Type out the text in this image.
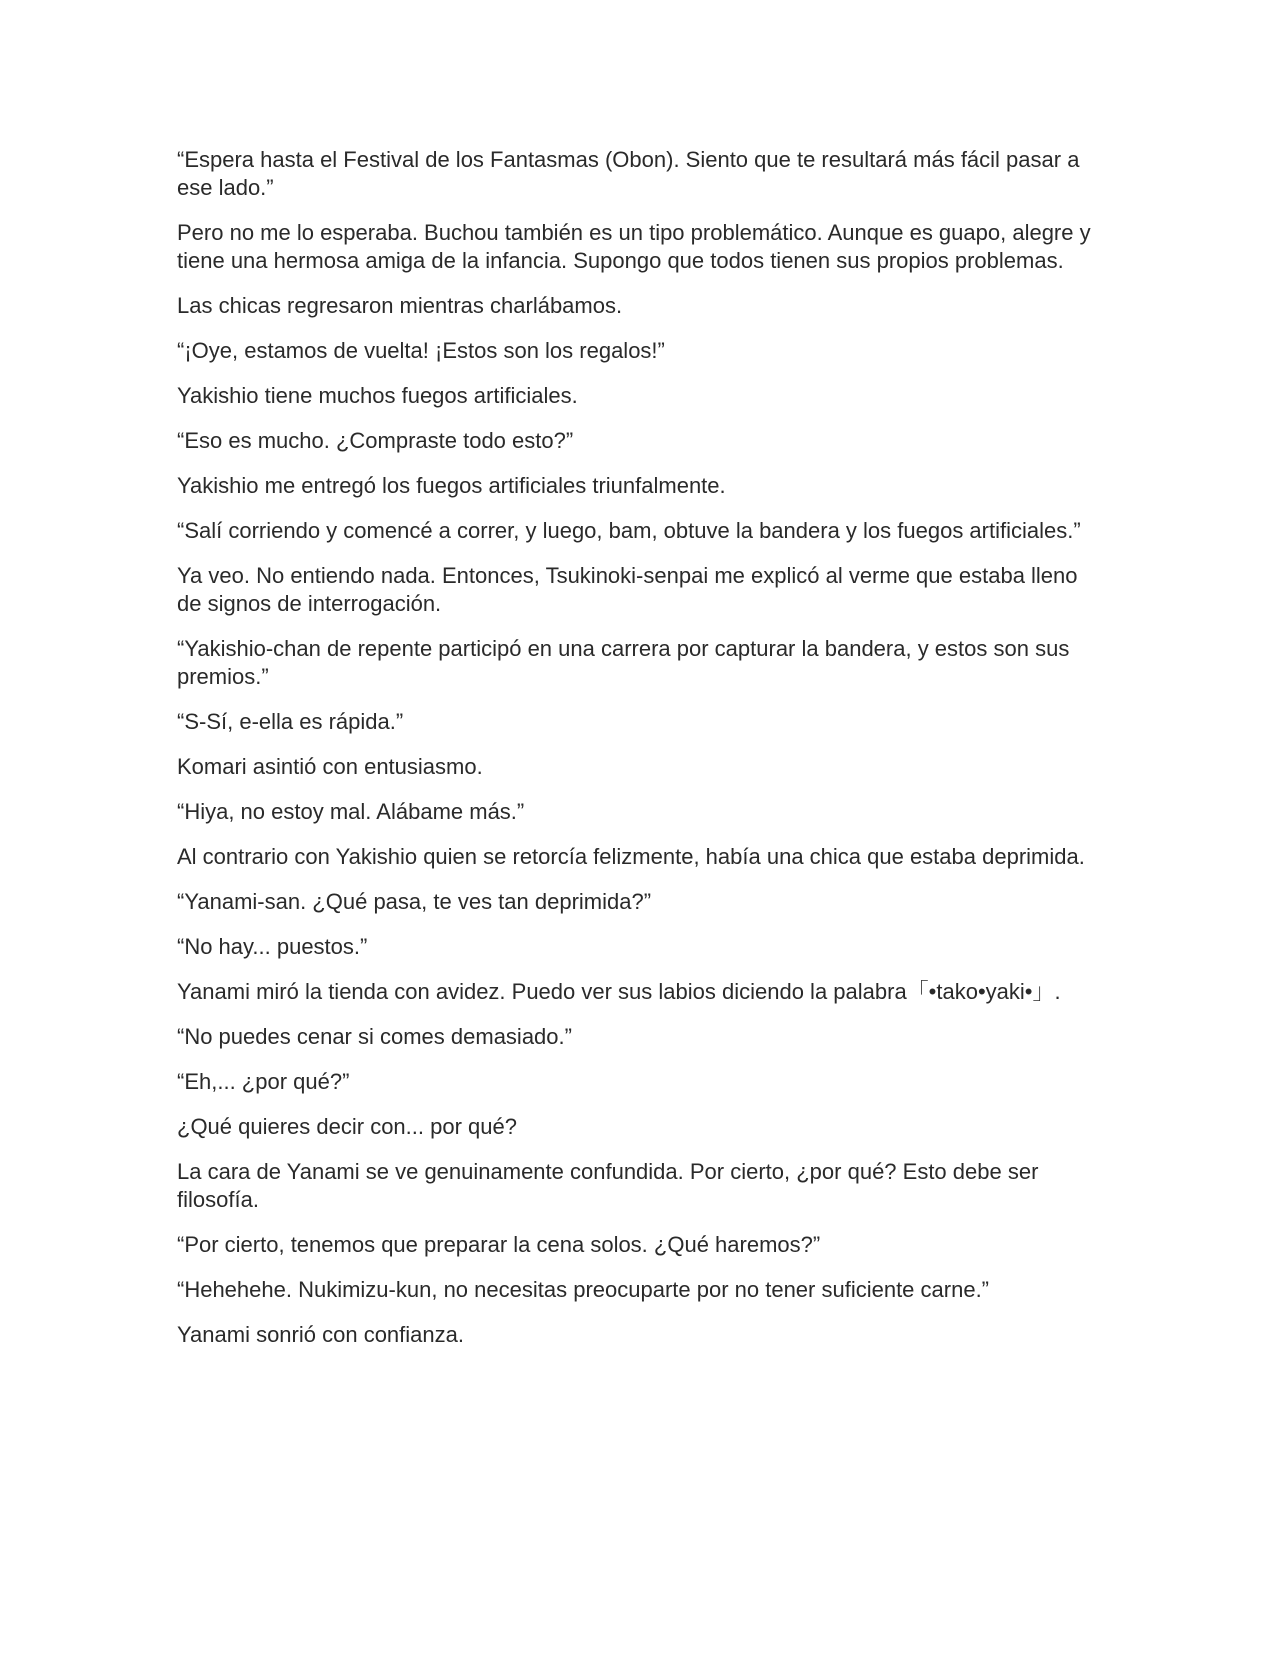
“Espera hasta el Festival de los Fantasmas (Obon). Siento que te resultará más fácil pasar a ese lado.”

Pero no me lo esperaba. Buchou también es un tipo problemático. Aunque es guapo, alegre y tiene una hermosa amiga de la infancia. Supongo que todos tienen sus propios problemas.

Las chicas regresaron mientras charlábamos.

“¡Oye, estamos de vuelta! ¡Estos son los regalos!”

Yakishio tiene muchos fuegos artificiales.

“Eso es mucho. ¿Compraste todo esto?”

Yakishio me entregó los fuegos artificiales triunfalmente.

“Salí corriendo y comencé a correr, y luego, bam, obtuve la bandera y los fuegos artificiales.”

Ya veo. No entiendo nada. Entonces, Tsukinoki-senpai me explicó al verme que estaba lleno de signos de interrogación.

“Yakishio-chan de repente participó en una carrera por capturar la bandera, y estos son sus premios.”

“S-Sí, e-ella es rápida.”

Komari asintió con entusiasmo.

“Hiya, no estoy mal. Alábame más.”

Al contrario con Yakishio quien se retorcía felizmente, había una chica que estaba deprimida.

“Yanami-san. ¿Qué pasa, te ves tan deprimida?”

“No hay... puestos.”

Yanami miró la tienda con avidez. Puedo ver sus labios diciendo la palabra「•tako•yaki•」.

“No puedes cenar si comes demasiado.”

“Eh,... ¿por qué?”

¿Qué quieres decir con... por qué?

La cara de Yanami se ve genuinamente confundida. Por cierto, ¿por qué? Esto debe ser filosofía.

“Por cierto, tenemos que preparar la cena solos. ¿Qué haremos?”

“Hehehehe. Nukimizu-kun, no necesitas preocuparte por no tener suficiente carne.”

Yanami sonrió con confianza.
